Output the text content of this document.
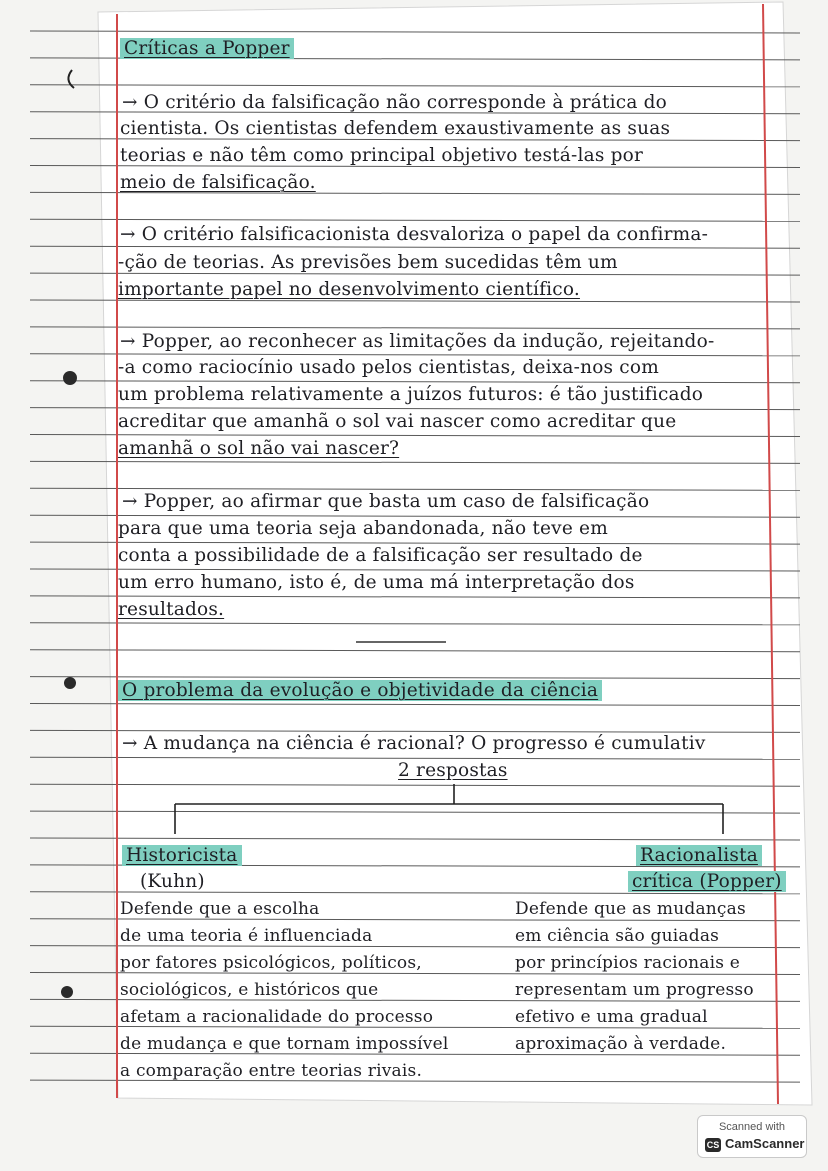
Críticas a Popper
→ O critério da falsificação não corresponde à prática do
cientista. Os cientistas defendem exaustivamente as suas
teorias e não têm como principal objetivo testá-las por
meio de falsificação.
→ O critério falsificacionista desvaloriza o papel da confirma-
-ção de teorias. As previsões bem sucedidas têm um
importante papel no desenvolvimento científico.
→ Popper, ao reconhecer as limitações da indução, rejeitando-
-a como raciocínio usado pelos cientistas, deixa-nos com
um problema relativamente a juízos futuros: é tão justificado
acreditar que amanhã o sol vai nascer como acreditar que
amanhã o sol não vai nascer?
→ Popper, ao afirmar que basta um caso de falsificação
para que uma teoria seja abandonada, não teve em
conta a possibilidade de a falsificação ser resultado de
um erro humano, isto é, de uma má interpretação dos
resultados.
O problema da evolução e objetividade da ciência
→ A mudança na ciência é racional? O progresso é cumulativ
2 respostas
Historicista
(Kuhn)
Defende que a escolha
de uma teoria é influenciada
por fatores psicológicos, políticos,
sociológicos, e históricos que
afetam a racionalidade do processo
de mudança e que tornam impossível
a comparação entre teorias rivais.
Racionalista
crítica (Popper)
Defende que as mudanças
em ciência são guiadas
por princípios racionais e
representam um progresso
efetivo e uma gradual
aproximação à verdade.
Scanned with
CS CamScanner
